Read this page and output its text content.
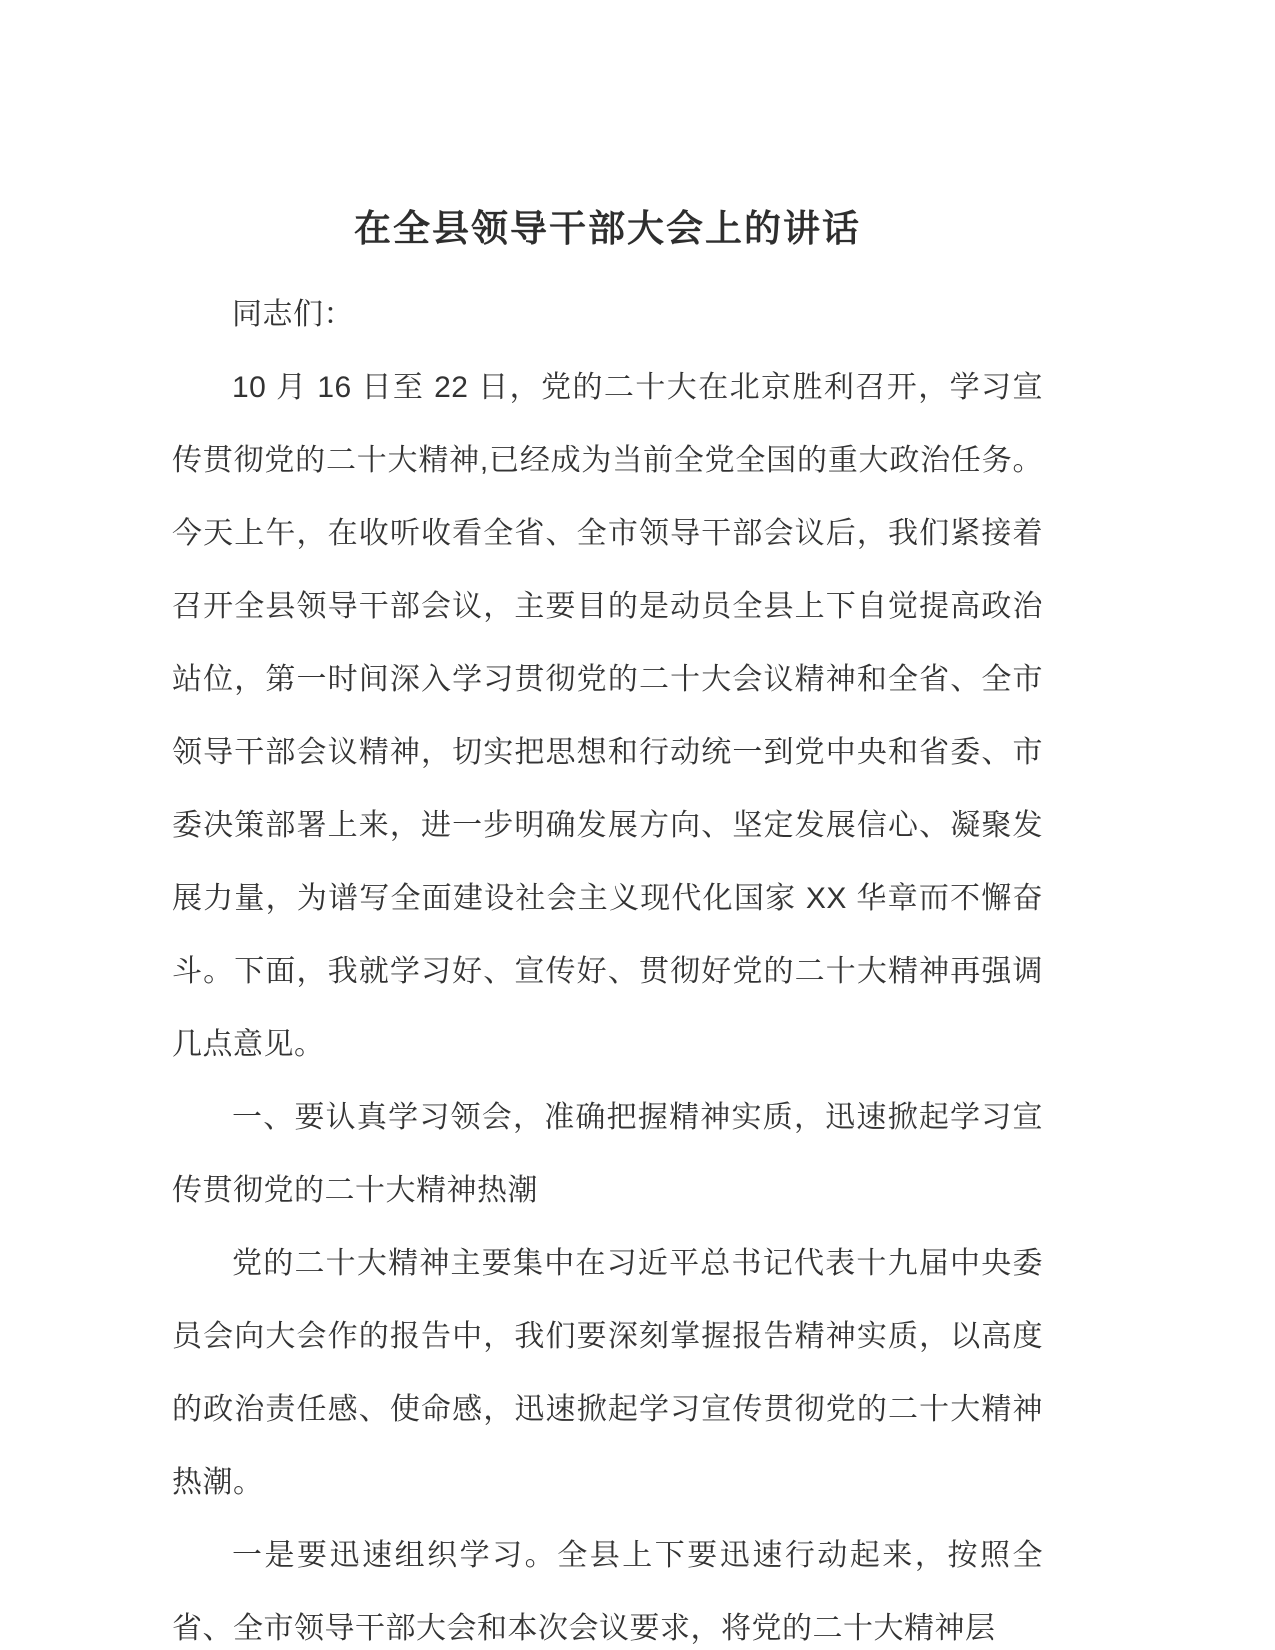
在全县领导干部大会上的讲话

同志们：

10 月 16 日至 22 日，党的二十大在北京胜利召开，学习宣传贯彻党的二十大精神,已经成为当前全党全国的重大政治任务。今天上午，在收听收看全省、全市领导干部会议后，我们紧接着召开全县领导干部会议，主要目的是动员全县上下自觉提高政治站位，第一时间深入学习贯彻党的二十大会议精神和全省、全市领导干部会议精神，切实把思想和行动统一到党中央和省委、市委决策部署上来，进一步明确发展方向、坚定发展信心、凝聚发展力量，为谱写全面建设社会主义现代化国家 XX 华章而不懈奋斗。下面，我就学习好、宣传好、贯彻好党的二十大精神再强调几点意见。

一、要认真学习领会，准确把握精神实质，迅速掀起学习宣传贯彻党的二十大精神热潮

党的二十大精神主要集中在习近平总书记代表十九届中央委员会向大会作的报告中，我们要深刻掌握报告精神实质，以高度的政治责任感、使命感，迅速掀起学习宣传贯彻党的二十大精神热潮。

一是要迅速组织学习。全县上下要迅速行动起来，按照全省、全市领导干部大会和本次会议要求，将党的二十大精神层
